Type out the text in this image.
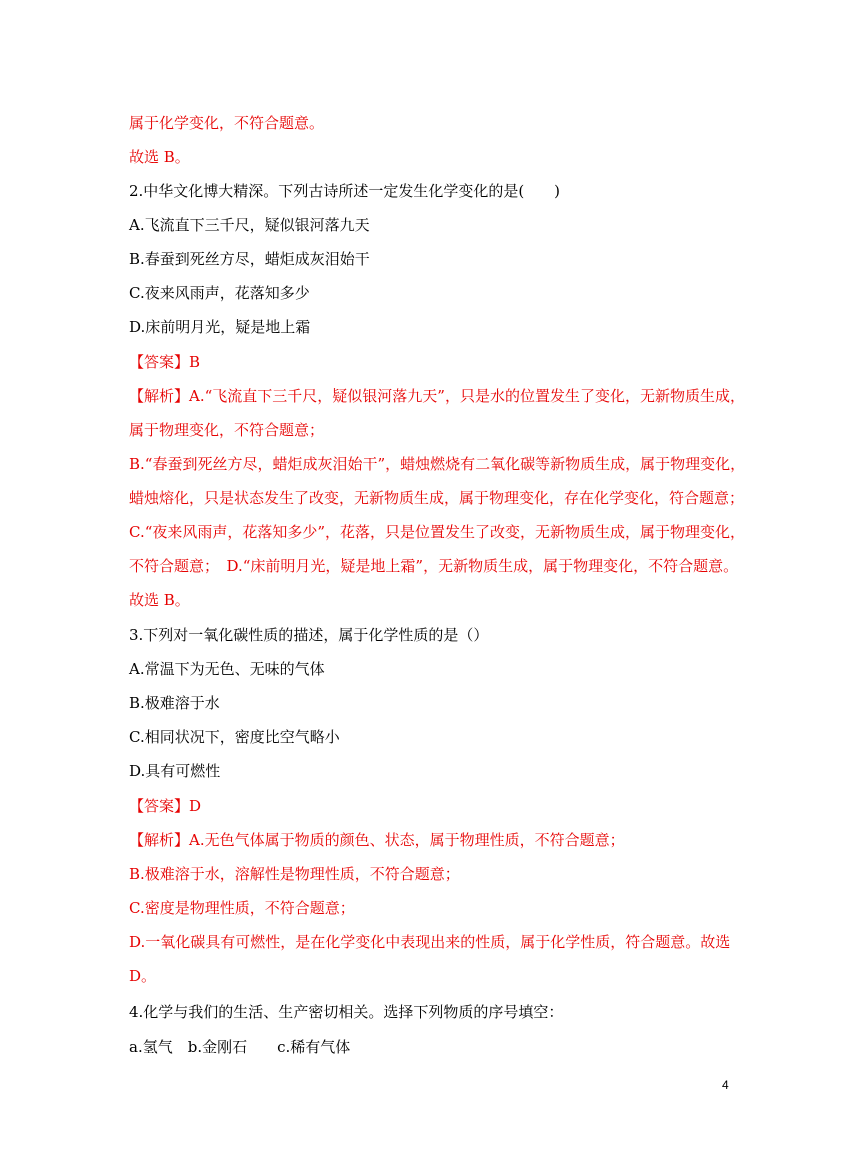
属于化学变化，不符合题意。
故选 B。
2.中华文化博大精深。下列古诗所述一定发生化学变化的是(　　)
A.飞流直下三千尺，疑似银河落九天
B.春蚕到死丝方尽，蜡炬成灰泪始干
C.夜来风雨声，花落知多少
D.床前明月光，疑是地上霜
【答案】B
【解析】A.“飞流直下三千尺，疑似银河落九天”，只是水的位置发生了变化，无新物质生成，
属于物理变化，不符合题意；
B.“春蚕到死丝方尽，蜡炬成灰泪始干”，蜡烛燃烧有二氧化碳等新物质生成，属于物理变化，
蜡烛熔化，只是状态发生了改变，无新物质生成，属于物理变化，存在化学变化，符合题意；
C.“夜来风雨声，花落知多少”，花落，只是位置发生了改变，无新物质生成，属于物理变化，
不符合题意；　D.“床前明月光，疑是地上霜”，无新物质生成，属于物理变化，不符合题意。
故选 B。
3.下列对一氧化碳性质的描述，属于化学性质的是（）
A.常温下为无色、无味的气体
B.极难溶于水
C.相同状况下，密度比空气略小
D.具有可燃性
【答案】D
【解析】A.无色气体属于物质的颜色、状态，属于物理性质，不符合题意；
B.极难溶于水，溶解性是物理性质，不符合题意；
C.密度是物理性质，不符合题意；
D.一氧化碳具有可燃性，是在化学变化中表现出来的性质，属于化学性质，符合题意。故选
D。
4.化学与我们的生活、生产密切相关。选择下列物质的序号填空：
a.氢气　b.金刚石　　c.稀有气体
4
